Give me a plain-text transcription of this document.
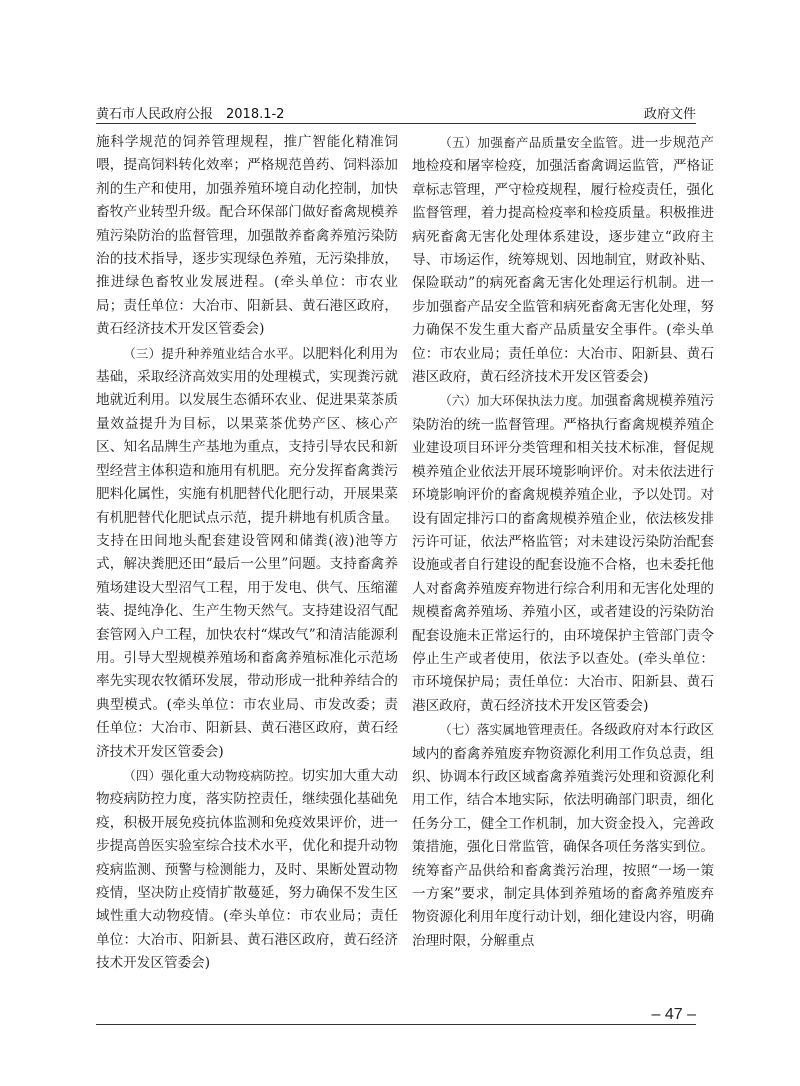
黄石市人民政府公报　2018.1-2	政府文件

施科学规范的饲养管理规程，推广智能化精准饲喂，提高饲料转化效率；严格规范兽药、饲料添加剂的生产和使用，加强养殖环境自动化控制，加快畜牧产业转型升级。配合环保部门做好畜禽规模养殖污染防治的监督管理，加强散养畜禽养殖污染防治的技术指导，逐步实现绿色养殖，无污染排放，推进绿色畜牧业发展进程。(牵头单位：市农业局；责任单位：大冶市、阳新县、黄石港区政府，黄石经济技术开发区管委会)

（三）提升种养殖业结合水平。以肥料化利用为基础，采取经济高效实用的处理模式，实现粪污就地就近利用。以发展生态循环农业、促进果菜茶质量效益提升为目标，以果菜茶优势产区、核心产区、知名品牌生产基地为重点，支持引导农民和新型经营主体积造和施用有机肥。充分发挥畜禽粪污肥料化属性，实施有机肥替代化肥行动，开展果菜有机肥替代化肥试点示范，提升耕地有机质含量。支持在田间地头配套建设管网和储粪(液)池等方式，解决粪肥还田“最后一公里”问题。支持畜禽养殖场建设大型沼气工程，用于发电、供气、压缩灌装、提纯净化、生产生物天然气。支持建设沼气配套管网入户工程，加快农村“煤改气”和清洁能源利用。引导大型规模养殖场和畜禽养殖标准化示范场率先实现农牧循环发展，带动形成一批种养结合的典型模式。(牵头单位：市农业局、市发改委；责任单位：大冶市、阳新县、黄石港区政府，黄石经济技术开发区管委会)

（四）强化重大动物疫病防控。切实加大重大动物疫病防控力度，落实防控责任，继续强化基础免疫，积极开展免疫抗体监测和免疫效果评价，进一步提高兽医实验室综合技术水平，优化和提升动物疫病监测、预警与检测能力，及时、果断处置动物疫情，坚决防止疫情扩散蔓延，努力确保不发生区域性重大动物疫情。(牵头单位：市农业局；责任单位：大冶市、阳新县、黄石港区政府，黄石经济技术开发区管委会)

（五）加强畜产品质量安全监管。进一步规范产地检疫和屠宰检疫，加强活畜禽调运监管，严格证章标志管理，严守检疫规程，履行检疫责任，强化监督管理，着力提高检疫率和检疫质量。积极推进病死畜禽无害化处理体系建设，逐步建立“政府主导、市场运作，统筹规划、因地制宜，财政补贴、保险联动”的病死畜禽无害化处理运行机制。进一步加强畜产品安全监管和病死畜禽无害化处理，努力确保不发生重大畜产品质量安全事件。(牵头单位：市农业局；责任单位：大冶市、阳新县、黄石港区政府，黄石经济技术开发区管委会)

（六）加大环保执法力度。加强畜禽规模养殖污染防治的统一监督管理。严格执行畜禽规模养殖企业建设项目环评分类管理和相关技术标准，督促规模养殖企业依法开展环境影响评价。对未依法进行环境影响评价的畜禽规模养殖企业，予以处罚。对设有固定排污口的畜禽规模养殖企业，依法核发排污许可证，依法严格监管；对未建设污染防治配套设施或者自行建设的配套设施不合格，也未委托他人对畜禽养殖废弃物进行综合利用和无害化处理的规模畜禽养殖场、养殖小区，或者建设的污染防治配套设施未正常运行的，由环境保护主管部门责令停止生产或者使用，依法予以查处。(牵头单位：市环境保护局；责任单位：大冶市、阳新县、黄石港区政府，黄石经济技术开发区管委会)

（七）落实属地管理责任。各级政府对本行政区域内的畜禽养殖废弃物资源化利用工作负总责，组织、协调本行政区域畜禽养殖粪污处理和资源化利用工作，结合本地实际，依法明确部门职责，细化任务分工，健全工作机制，加大资金投入，完善政策措施，强化日常监管，确保各项任务落实到位。统筹畜产品供给和畜禽粪污治理，按照“一场一策一方案”要求，制定具体到养殖场的畜禽养殖废弃物资源化利用年度行动计划，细化建设内容，明确治理时限，分解重点

– 47 –
